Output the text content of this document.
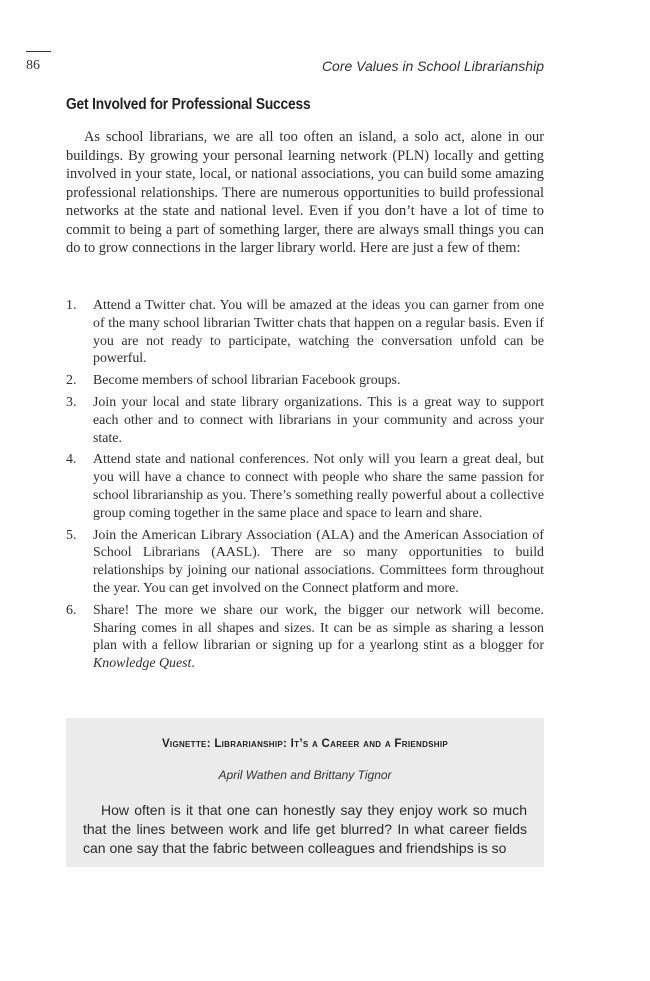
86	Core Values in School Librarianship
Get Involved for Professional Success

As school librarians, we are all too often an island, a solo act, alone in our buildings. By growing your personal learning network (PLN) locally and getting involved in your state, local, or national associations, you can build some amazing professional relationships. There are numerous opportunities to build professional networks at the state and national level. Even if you don’t have a lot of time to commit to being a part of something larger, there are always small things you can do to grow connections in the larger library world. Here are just a few of them:

1. Attend a Twitter chat. You will be amazed at the ideas you can garner from one of the many school librarian Twitter chats that happen on a regular basis. Even if you are not ready to participate, watching the conversation unfold can be powerful.
2. Become members of school librarian Facebook groups.
3. Join your local and state library organizations. This is a great way to support each other and to connect with librarians in your community and across your state.
4. Attend state and national conferences. Not only will you learn a great deal, but you will have a chance to connect with people who share the same passion for school librarianship as you. There’s something really powerful about a collective group coming together in the same place and space to learn and share.
5. Join the American Library Association (ALA) and the American Association of School Librarians (AASL). There are so many opportunities to build relationships by joining our national associations. Committees form throughout the year. You can get involved on the Connect platform and more.
6. Share! The more we share our work, the bigger our network will become. Sharing comes in all shapes and sizes. It can be as simple as sharing a lesson plan with a fellow librarian or signing up for a yearlong stint as a blogger for Knowledge Quest.
Vignette: Librarianship: It’s a Career and a Friendship
April Wathen and Brittany Tignor

How often is it that one can honestly say they enjoy work so much that the lines between work and life get blurred? In what career fields can one say that the fabric between colleagues and friendships is so
